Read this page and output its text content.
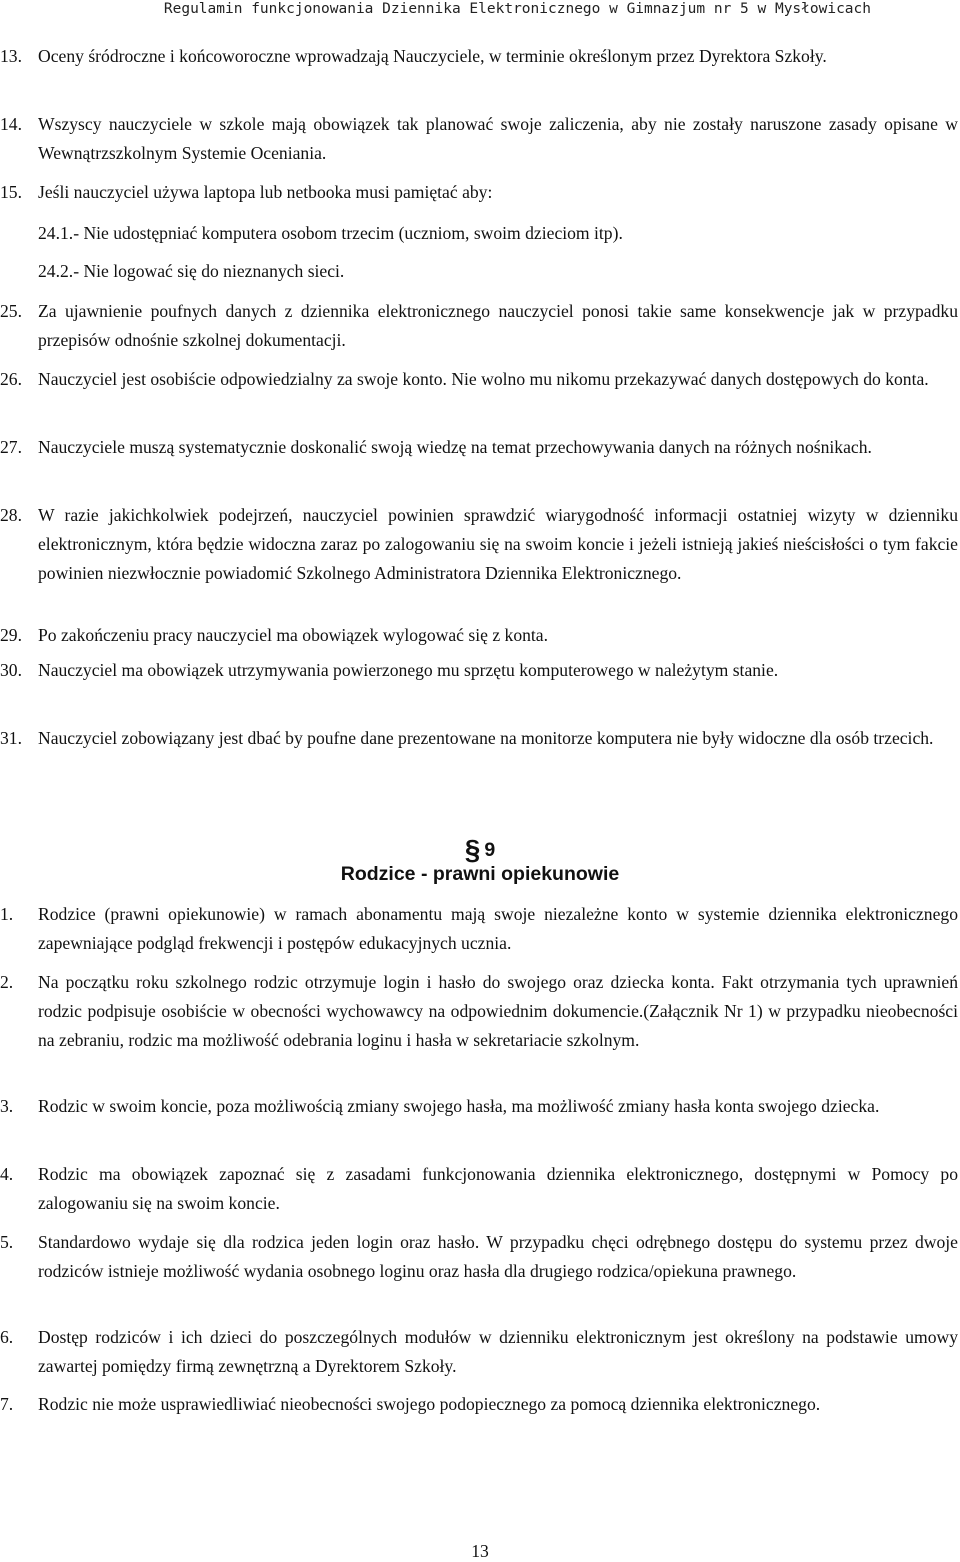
Regulamin funkcjonowania Dziennika Elektronicznego w Gimnazjum nr 5 w Mysłowicach
13. Oceny śródroczne i końcoworoczne wprowadzają Nauczyciele, w terminie określonym przez Dyrektora Szkoły.
14. Wszyscy nauczyciele w szkole mają obowiązek tak planować swoje zaliczenia, aby nie zostały naruszone zasady opisane w Wewnątrzszkolnym Systemie Oceniania.
15. Jeśli nauczyciel używa laptopa lub netbooka musi pamiętać aby:
24.1.- Nie udostępniać komputera osobom trzecim (uczniom, swoim dzieciom itp).
24.2.- Nie logować się do nieznanych sieci.
25. Za ujawnienie poufnych danych z dziennika elektronicznego nauczyciel ponosi takie same konsekwencje jak w przypadku przepisów odnośnie szkolnej dokumentacji.
26. Nauczyciel jest osobiście odpowiedzialny za swoje konto. Nie wolno mu nikomu przekazywać danych dostępowych do konta.
27. Nauczyciele muszą systematycznie doskonalić swoją wiedzę na temat przechowywania danych na różnych nośnikach.
28. W razie jakichkolwiek podejrzeń, nauczyciel powinien sprawdzić wiarygodność informacji ostatniej wizyty w dzienniku elektronicznym, która będzie widoczna zaraz po zalogowaniu się na swoim koncie i jeżeli istnieją jakieś nieścisłości o tym fakcie powinien niezwłocznie powiadomić Szkolnego Administratora Dziennika Elektronicznego.
29. Po zakończeniu pracy nauczyciel ma obowiązek wylogować się z konta.
30. Nauczyciel ma obowiązek utrzymywania powierzonego mu sprzętu komputerowego w należytym stanie.
31. Nauczyciel zobowiązany jest dbać by poufne dane prezentowane na monitorze komputera nie były widoczne dla osób trzecich.
§ 9
Rodzice - prawni opiekunowie
1.	Rodzice (prawni opiekunowie) w ramach abonamentu mają swoje niezależne konto w systemie dziennika elektronicznego zapewniające podgląd frekwencji i postępów edukacyjnych ucznia.
2.	Na początku roku szkolnego rodzic otrzymuje login i hasło do swojego oraz dziecka konta. Fakt otrzymania tych uprawnień rodzic podpisuje osobiście w obecności wychowawcy na odpowiednim dokumencie.(Załącznik Nr 1) w przypadku nieobecności na zebraniu, rodzic ma możliwość odebrania loginu i hasła w sekretariacie szkolnym.
3.	Rodzic w swoim koncie, poza możliwością zmiany swojego hasła, ma możliwość zmiany hasła konta swojego dziecka.
4.	Rodzic ma obowiązek zapoznać się z zasadami funkcjonowania dziennika elektronicznego, dostępnymi w Pomocy po zalogowaniu się na swoim koncie.
5.	Standardowo wydaje się dla rodzica jeden login oraz hasło. W przypadku chęci odrębnego dostępu do systemu przez dwoje rodziców istnieje możliwość wydania osobnego loginu oraz hasła dla drugiego rodzica/opiekuna prawnego.
6.	Dostęp rodziców i ich dzieci do poszczególnych modułów w dzienniku elektronicznym jest określony na podstawie umowy zawartej pomiędzy firmą zewnętrzną a Dyrektorem Szkoły.
7.	Rodzic nie może usprawiedliwiać nieobecności swojego podopiecznego za pomocą dziennika elektronicznego.
13
